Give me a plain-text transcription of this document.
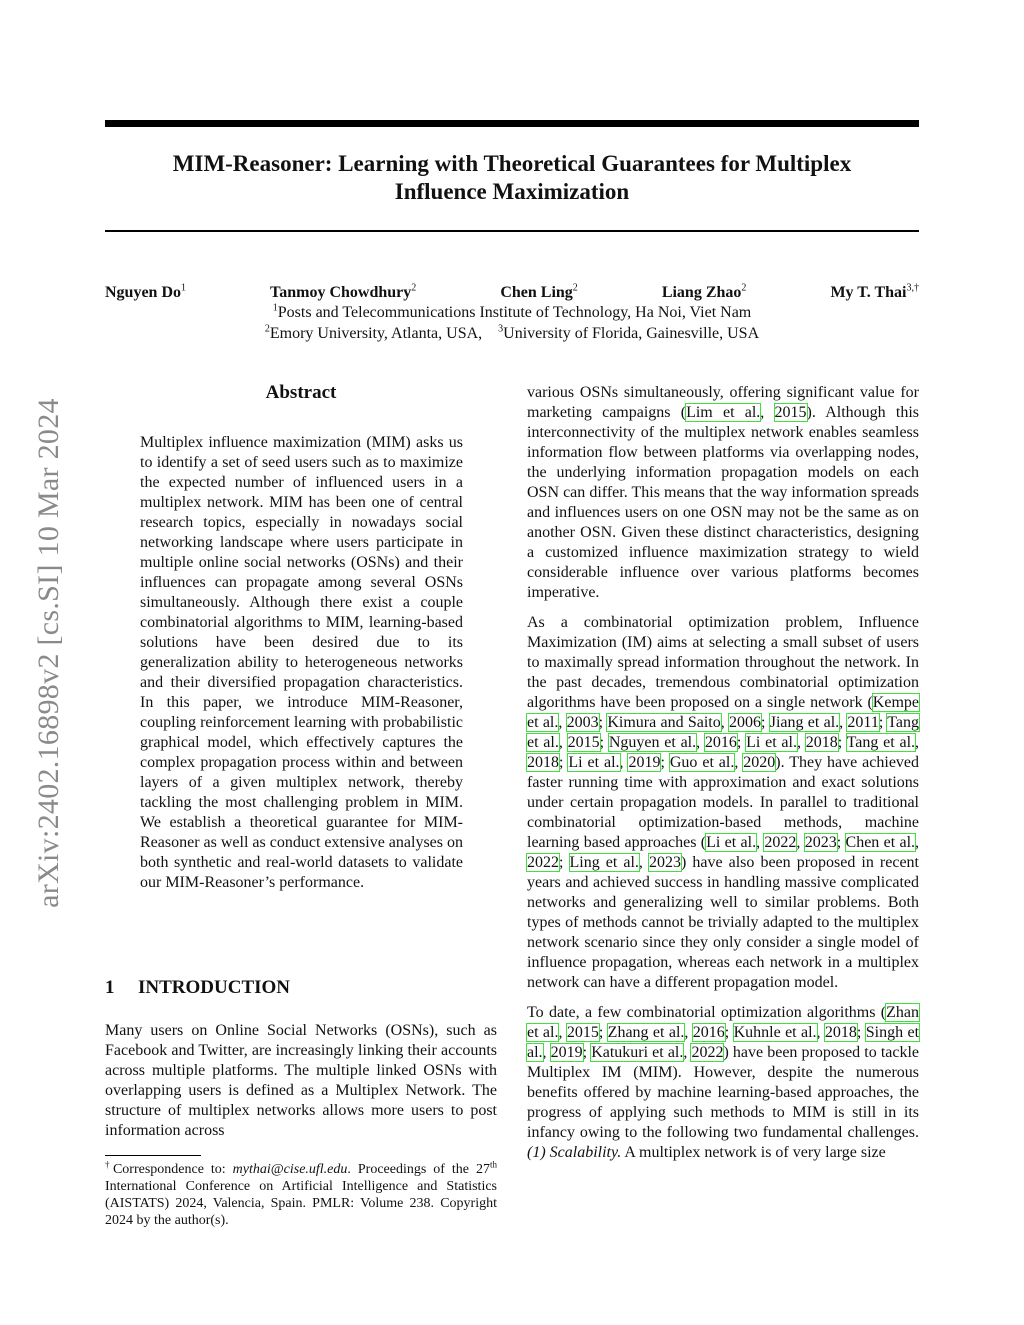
arXiv:2402.16898v2 [cs.SI] 10 Mar 2024
MIM-Reasoner: Learning with Theoretical Guarantees for Multiplex
Influence Maximization
Nguyen Do$^1$	Tanmoy Chowdhury$^2$	Chen Ling$^2$	Liang Zhao$^2$	My T. Thai$^{3,\dagger}$
$^1$Posts and Telecommunications Institute of Technology, Ha Noi, Viet Nam
$^2$Emory University, Atlanta, USA, $^3$University of Florida, Gainesville, USA
Abstract
Multiplex influence maximization (MIM) asks us to identify a set of seed users such as to maximize the expected number of influenced users in a multiplex network. MIM has been one of central research topics, especially in nowadays social networking landscape where users participate in multiple online social networks (OSNs) and their influences can propagate among several OSNs simultaneously. Although there exist a couple combinatorial algorithms to MIM, learning-based solutions have been desired due to its generalization ability to heterogeneous networks and their diversified propagation characteristics. In this paper, we introduce MIM-Reasoner, coupling reinforcement learning with probabilistic graphical model, which effectively captures the complex propagation process within and between layers of a given multiplex network, thereby tackling the most challenging problem in MIM. We establish a theoretical guarantee for MIM-Reasoner as well as conduct extensive analyses on both synthetic and real-world datasets to validate our MIM-Reasoner’s performance.
1 INTRODUCTION
Many users on Online Social Networks (OSNs), such as Facebook and Twitter, are increasingly linking their accounts across multiple platforms. The multiple linked OSNs with overlapping users is defined as a Multiplex Network. The structure of multiplex networks allows more users to post information across
†Correspondence to: mythai@cise.ufl.edu. Proceedings of the 27th International Conference on Artificial Intelligence and Statistics (AISTATS) 2024, Valencia, Spain. PMLR: Volume 238. Copyright 2024 by the author(s).

various OSNs simultaneously, offering significant value for marketing campaigns (Lim et al., 2015). Although this interconnectivity of the multiplex network enables seamless information flow between platforms via overlapping nodes, the underlying information propagation models on each OSN can differ. This means that the way information spreads and influences users on one OSN may not be the same as on another OSN. Given these distinct characteristics, designing a customized influence maximization strategy to wield considerable influence over various platforms becomes imperative.

As a combinatorial optimization problem, Influence Maximization (IM) aims at selecting a small subset of users to maximally spread information throughout the network. In the past decades, tremendous combinatorial optimization algorithms have been proposed on a single network (Kempe et al., 2003; Kimura and Saito, 2006; Jiang et al., 2011; Tang et al., 2015; Nguyen et al., 2016; Li et al., 2018; Tang et al., 2018; Li et al., 2019; Guo et al., 2020). They have achieved faster running time with approximation and exact solutions under certain propagation models. In parallel to traditional combinatorial optimization-based methods, machine learning based approaches (Li et al., 2022, 2023; Chen et al., 2022; Ling et al., 2023) have also been proposed in recent years and achieved success in handling massive complicated networks and generalizing well to similar problems. Both types of methods cannot be trivially adapted to the multiplex network scenario since they only consider a single model of influence propagation, whereas each network in a multiplex network can have a different propagation model.

To date, a few combinatorial optimization algorithms (Zhan et al., 2015; Zhang et al., 2016; Kuhnle et al., 2018; Singh et al., 2019; Katukuri et al., 2022) have been proposed to tackle Multiplex IM (MIM). However, despite the numerous benefits offered by machine learning-based approaches, the progress of applying such methods to MIM is still in its infancy owing to the following two fundamental challenges. (1) Scalability. A multiplex network is of very large size
